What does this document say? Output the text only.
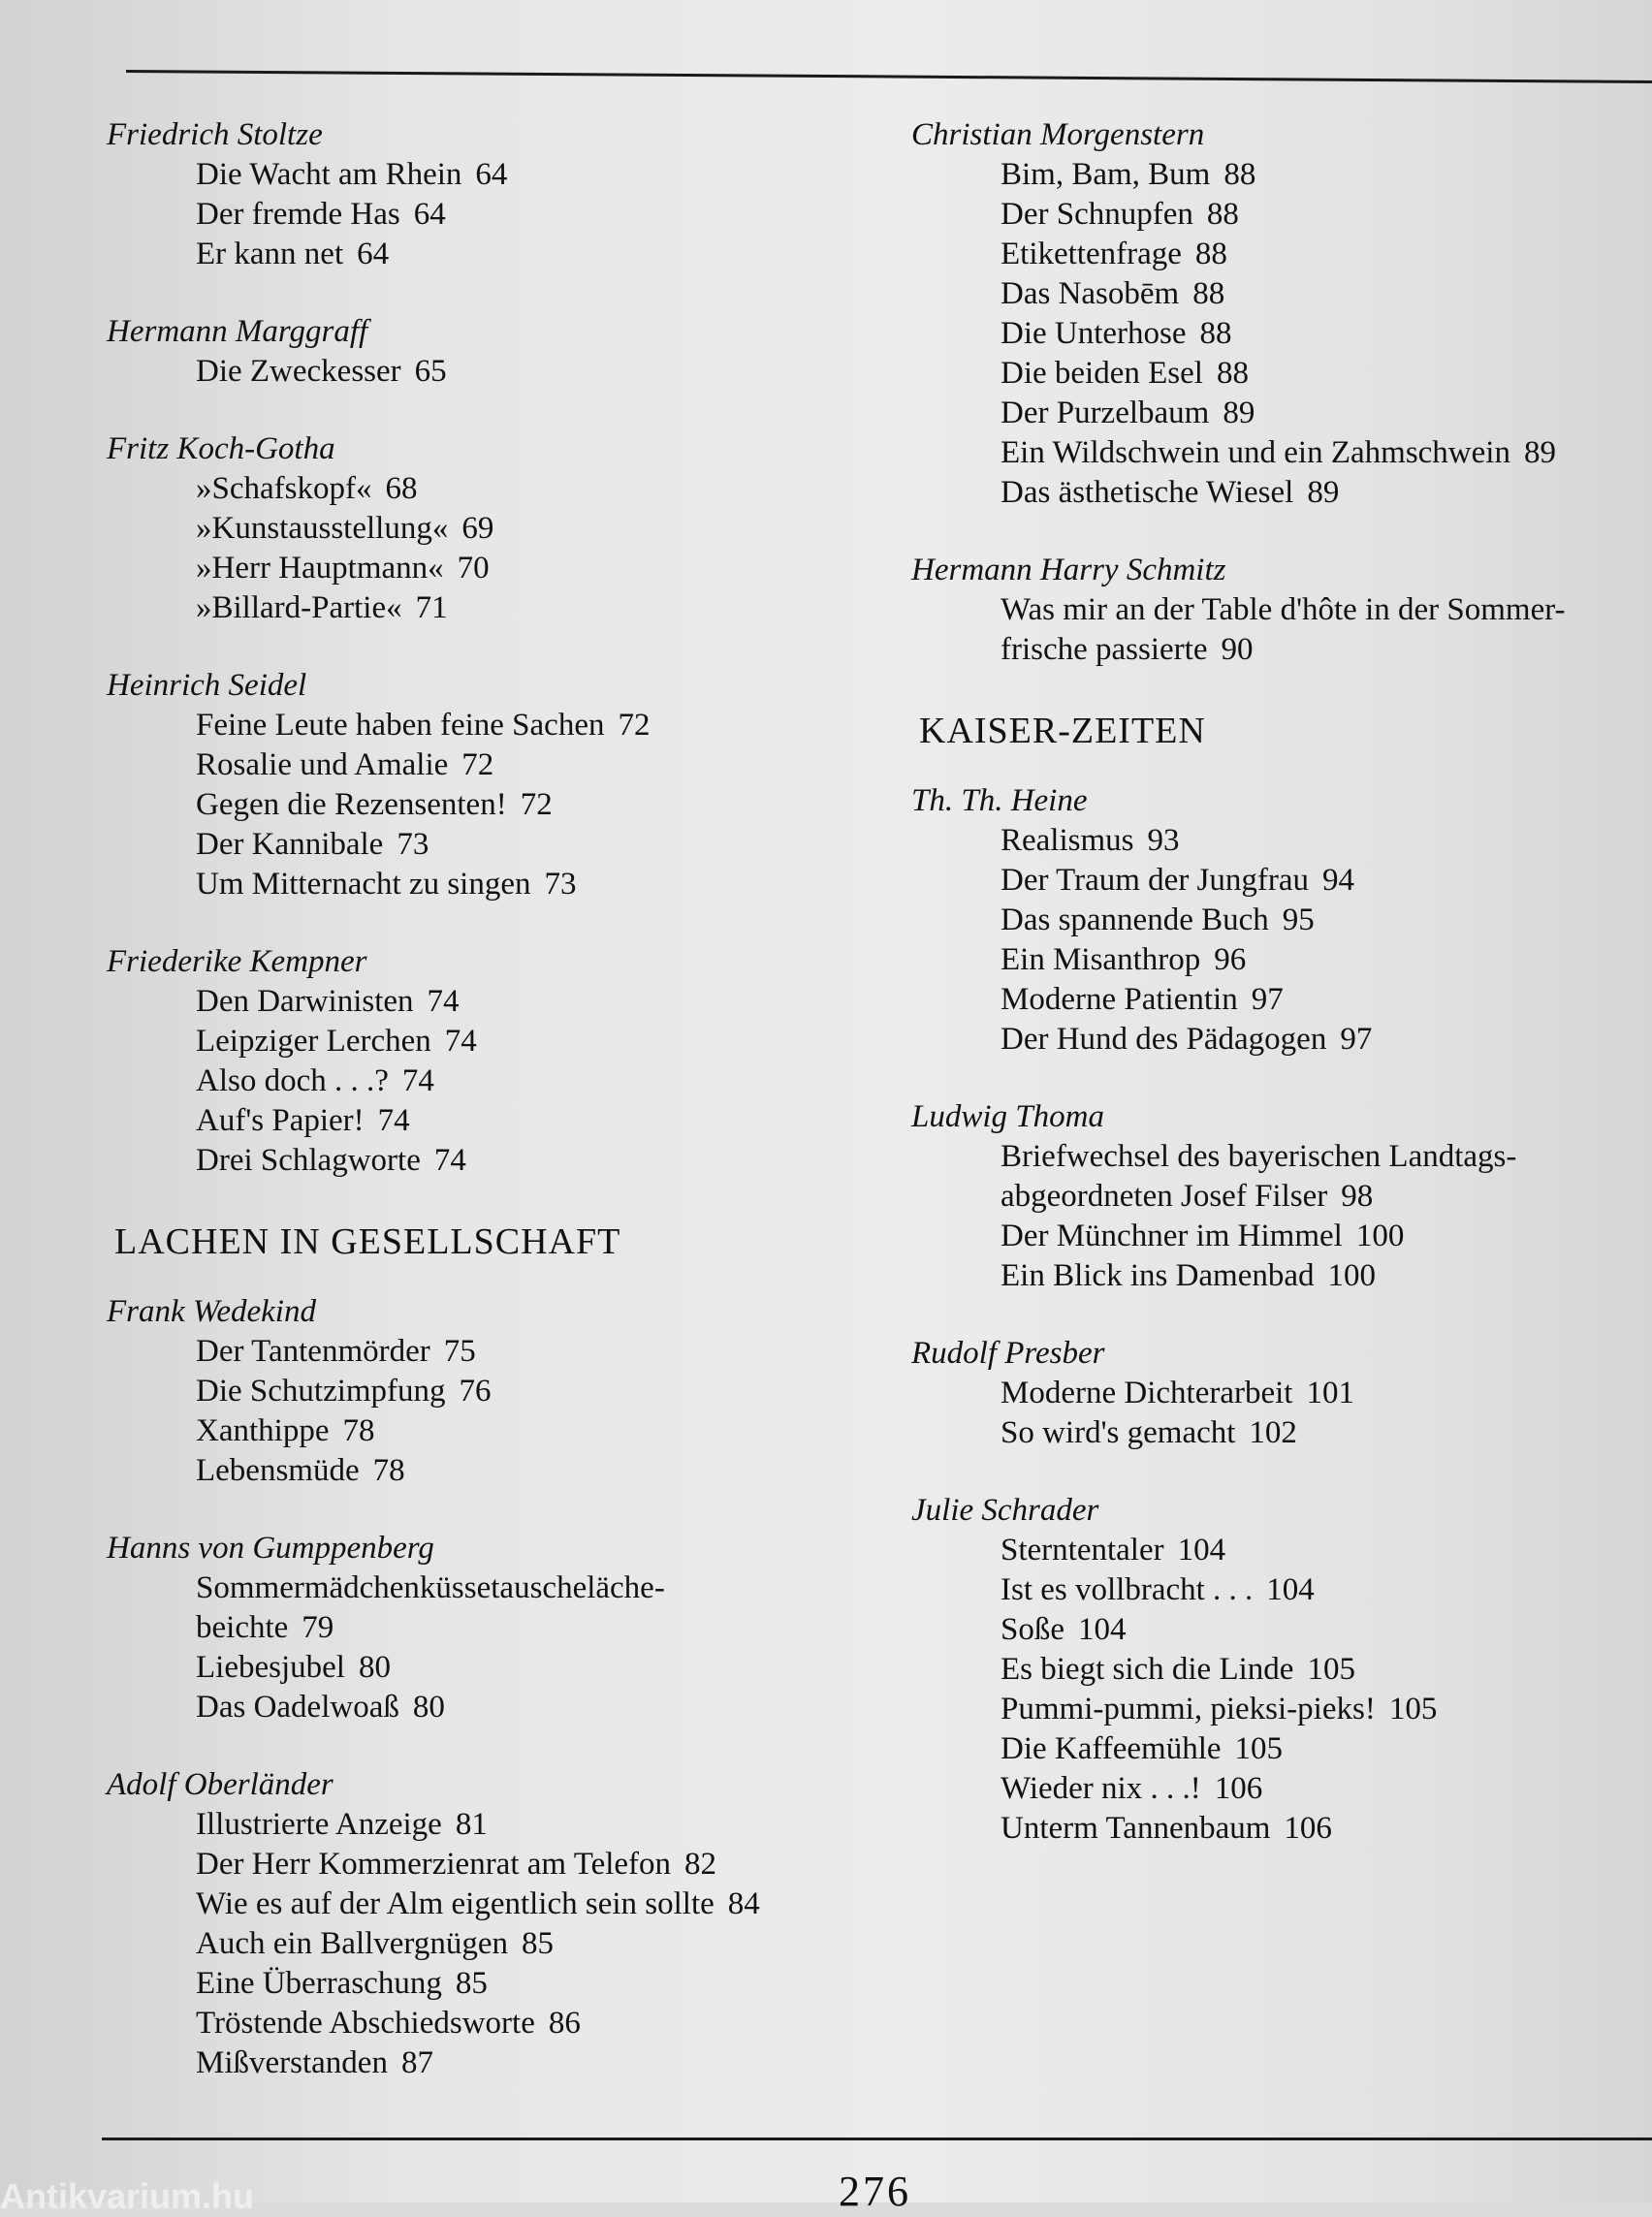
Friedrich Stoltze
Die Wacht am Rhein 64
Der fremde Has 64
Er kann net 64
Hermann Marggraff
Die Zweckesser 65
Fritz Koch-Gotha
»Schafskopf« 68
»Kunstausstellung« 69
»Herr Hauptmann« 70
»Billard-Partie« 71
Heinrich Seidel
Feine Leute haben feine Sachen 72
Rosalie und Amalie 72
Gegen die Rezensenten! 72
Der Kannibale 73
Um Mitternacht zu singen 73
Friederike Kempner
Den Darwinisten 74
Leipziger Lerchen 74
Also doch . . .? 74
Auf's Papier! 74
Drei Schlagworte 74
LACHEN IN GESELLSCHAFT
Frank Wedekind
Der Tantenmörder 75
Die Schutzimpfung 76
Xanthippe 78
Lebensmüde 78
Hanns von Gumppenberg
Sommermädchenküssetauscheläche-
beichte 79
Liebesjubel 80
Das Oadelwoaß 80
Adolf Oberländer
Illustrierte Anzeige 81
Der Herr Kommerzienrat am Telefon 82
Wie es auf der Alm eigentlich sein sollte 84
Auch ein Ballvergnügen 85
Eine Überraschung 85
Tröstende Abschiedsworte 86
Mißverstanden 87
Christian Morgenstern
Bim, Bam, Bum 88
Der Schnupfen 88
Etikettenfrage 88
Das Nasobēm 88
Die Unterhose 88
Die beiden Esel 88
Der Purzelbaum 89
Ein Wildschwein und ein Zahmschwein 89
Das ästhetische Wiesel 89
Hermann Harry Schmitz
Was mir an der Table d'hôte in der Sommer-
frische passierte 90
KAISER-ZEITEN
Th. Th. Heine
Realismus 93
Der Traum der Jungfrau 94
Das spannende Buch 95
Ein Misanthrop 96
Moderne Patientin 97
Der Hund des Pädagogen 97
Ludwig Thoma
Briefwechsel des bayerischen Landtags-
abgeordneten Josef Filser 98
Der Münchner im Himmel 100
Ein Blick ins Damenbad 100
Rudolf Presber
Moderne Dichterarbeit 101
So wird's gemacht 102
Julie Schrader
Sterntentaler 104
Ist es vollbracht . . . 104
Soße 104
Es biegt sich die Linde 105
Pummi-pummi, pieksi-pieks! 105
Die Kaffeemühle 105
Wieder nix . . .! 106
Unterm Tannenbaum 106
276
Antikvarium.hu
